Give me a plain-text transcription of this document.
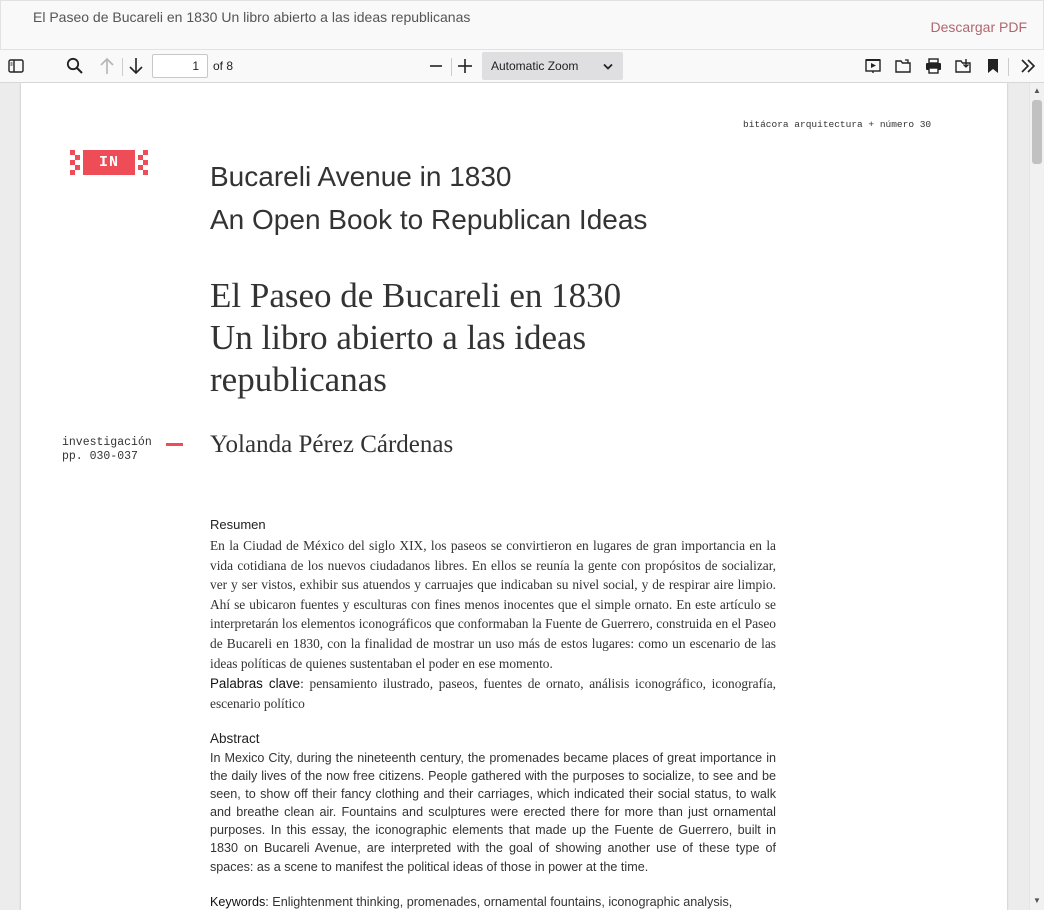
El Paseo de Bucareli en 1830 Un libro abierto a las ideas republicanas
Descargar PDF
1
of 8	Automatic Zoom
bitácora arquitectura + número 30
IN	Bucareli Avenue in 1830
An Open Book to Republican Ideas
El Paseo de Bucareli en 1830
Un libro abierto a las ideas
republicanas
investigación
pp. 030-037	Yolanda Pérez Cárdenas
Resumen
En la Ciudad de México del siglo XIX, los paseos se convirtieron en lugares de gran importancia en la vida cotidiana de los nuevos ciudadanos libres. En ellos se reunía la gente con propósitos de socializar, ver y ser vistos, exhibir sus atuendos y carruajes que indicaban su nivel social, y de respirar aire limpio. Ahí se ubicaron fuentes y esculturas con fines menos inocentes que el simple ornato. En este artículo se interpretarán los elementos iconográficos que conformaban la Fuente de Guerrero, construida en el Paseo de Bucareli en 1830, con la finalidad de mostrar un uso más de estos lugares: como un escenario de las ideas políticas de quienes sustentaban el poder en ese momento.
Palabras clave: pensamiento ilustrado, paseos, fuentes de ornato, análisis iconográfico, iconografía, escenario político
Abstract
In Mexico City, during the nineteenth century, the promenades became places of great importance in the daily lives of the now free citizens. People gathered with the purposes to socialize, to see and be seen, to show off their fancy clothing and their carriages, which indicated their social status, to walk and breathe clean air. Fountains and sculptures were erected there for more than just ornamental purposes. In this essay, the iconographic elements that made up the Fuente de Guerrero, built in 1830 on Bucareli Avenue, are interpreted with the goal of showing another use of these type of spaces: as a scene to manifest the political ideas of those in power at the time.
Keywords: Enlightenment thinking, promenades, ornamental fountains, iconographic analysis,
▲
▼
